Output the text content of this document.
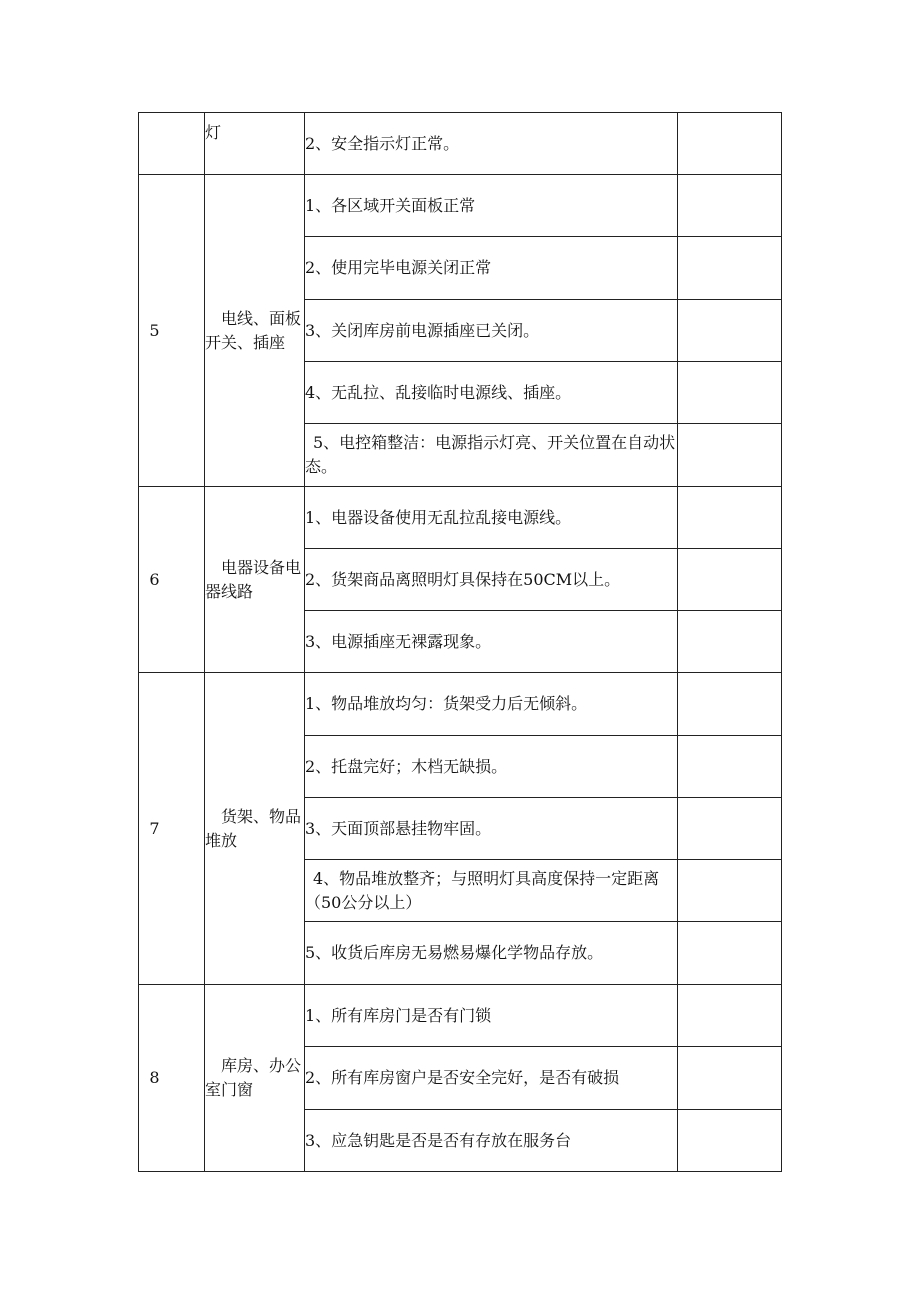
	灯	2、安全指示灯正常。	
5	电线、面板开关、插座	1、各区域开关面板正常	
		2、使用完毕电源关闭正常	
		3、关闭库房前电源插座已关闭。	
		4、无乱拉、乱接临时电源线、插座。	

		5、电控箱整洁：电源指示灯亮、开关位置在自动状态。	

6	电器设备电器线路	1、电器设备使用无乱拉乱接电源线。	
		2、货架商品离照明灯具保持在50CM以上。	
		3、电源插座无裸露现象。	
7	货架、物品堆放	1、物品堆放均匀：货架受力后无倾斜。	
		2、托盘完好；木档无缺损。	
		3、天面顶部悬挂物牢固。	

		4、物品堆放整齐；与照明灯具高度保持一定距离（50公分以上）	

		5、收货后库房无易燃易爆化学物品存放。	
8	库房、办公室门窗	1、所有库房门是否有门锁	
		2、所有库房窗户是否安全完好，是否有破损	
		3、应急钥匙是否是否有存放在服务台	
